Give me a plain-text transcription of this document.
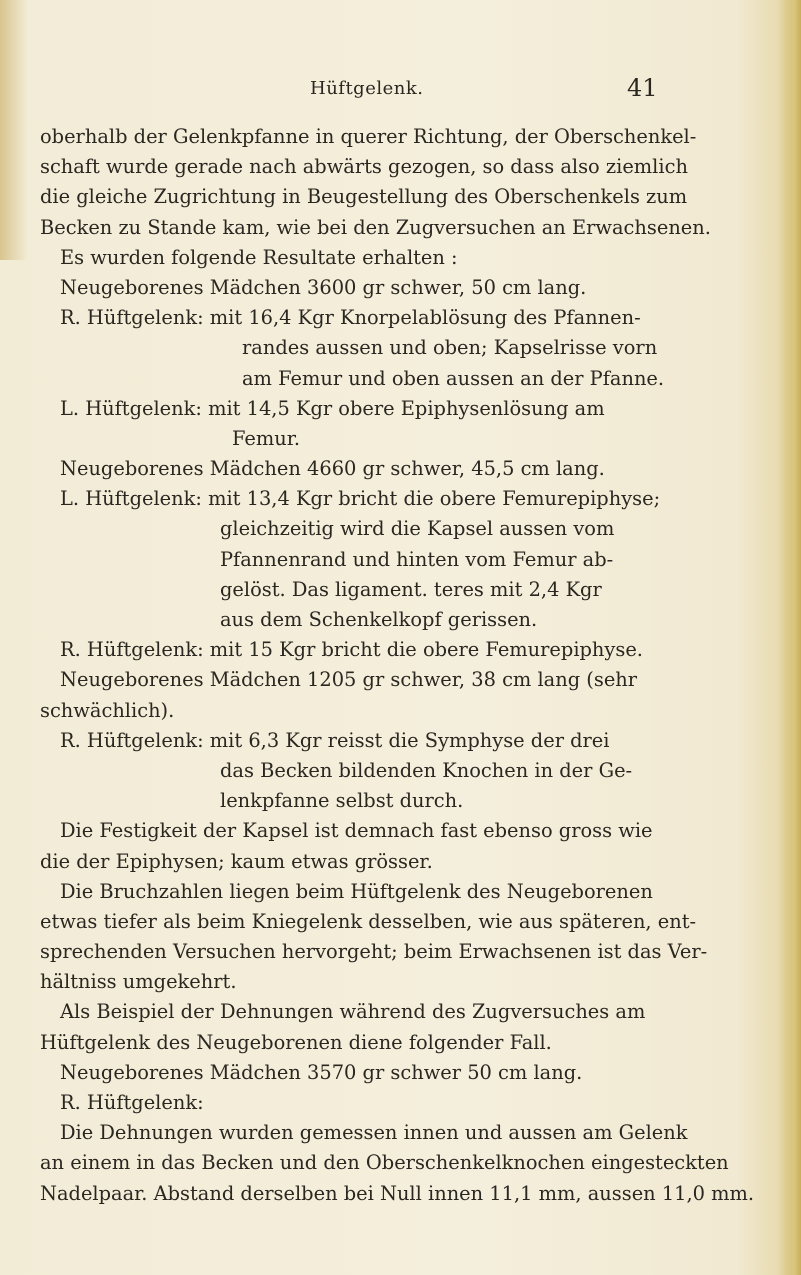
Hüftgelenk.	41
oberhalb der Gelenkpfanne in querer Richtung, der Oberschenkel-
schaft wurde gerade nach abwärts gezogen, so dass also ziemlich
die gleiche Zugrichtung in Beugestellung des Oberschenkels zum
Becken zu Stande kam, wie bei den Zugversuchen an Erwachsenen.
Es wurden folgende Resultate erhalten :
Neugeborenes Mädchen 3600 gr schwer, 50 cm lang.
R. Hüftgelenk: mit 16,4 Kgr Knorpelablösung des Pfannen-
randes aussen und oben; Kapselrisse vorn
am Femur und oben aussen an der Pfanne.
L. Hüftgelenk: mit 14,5 Kgr obere Epiphysenlösung am
Femur.
Neugeborenes Mädchen 4660 gr schwer, 45,5 cm lang.
L. Hüftgelenk: mit 13,4 Kgr bricht die obere Femurepiphyse;
gleichzeitig wird die Kapsel aussen vom
Pfannenrand und hinten vom Femur ab-
gelöst. Das ligament. teres mit 2,4 Kgr
aus dem Schenkelkopf gerissen.
R. Hüftgelenk: mit 15 Kgr bricht die obere Femurepiphyse.
Neugeborenes Mädchen 1205 gr schwer, 38 cm lang (sehr
schwächlich).
R. Hüftgelenk: mit 6,3 Kgr reisst die Symphyse der drei
das Becken bildenden Knochen in der Ge-
lenkpfanne selbst durch.
Die Festigkeit der Kapsel ist demnach fast ebenso gross wie
die der Epiphysen; kaum etwas grösser.
Die Bruchzahlen liegen beim Hüftgelenk des Neugeborenen
etwas tiefer als beim Kniegelenk desselben, wie aus späteren, ent-
sprechenden Versuchen hervorgeht; beim Erwachsenen ist das Ver-
hältniss umgekehrt.
Als Beispiel der Dehnungen während des Zugversuches am
Hüftgelenk des Neugeborenen diene folgender Fall.
Neugeborenes Mädchen 3570 gr schwer 50 cm lang.
R. Hüftgelenk:
Die Dehnungen wurden gemessen innen und aussen am Gelenk
an einem in das Becken und den Oberschenkelknochen eingesteckten
Nadelpaar. Abstand derselben bei Null innen 11,1 mm, aussen 11,0 mm.
